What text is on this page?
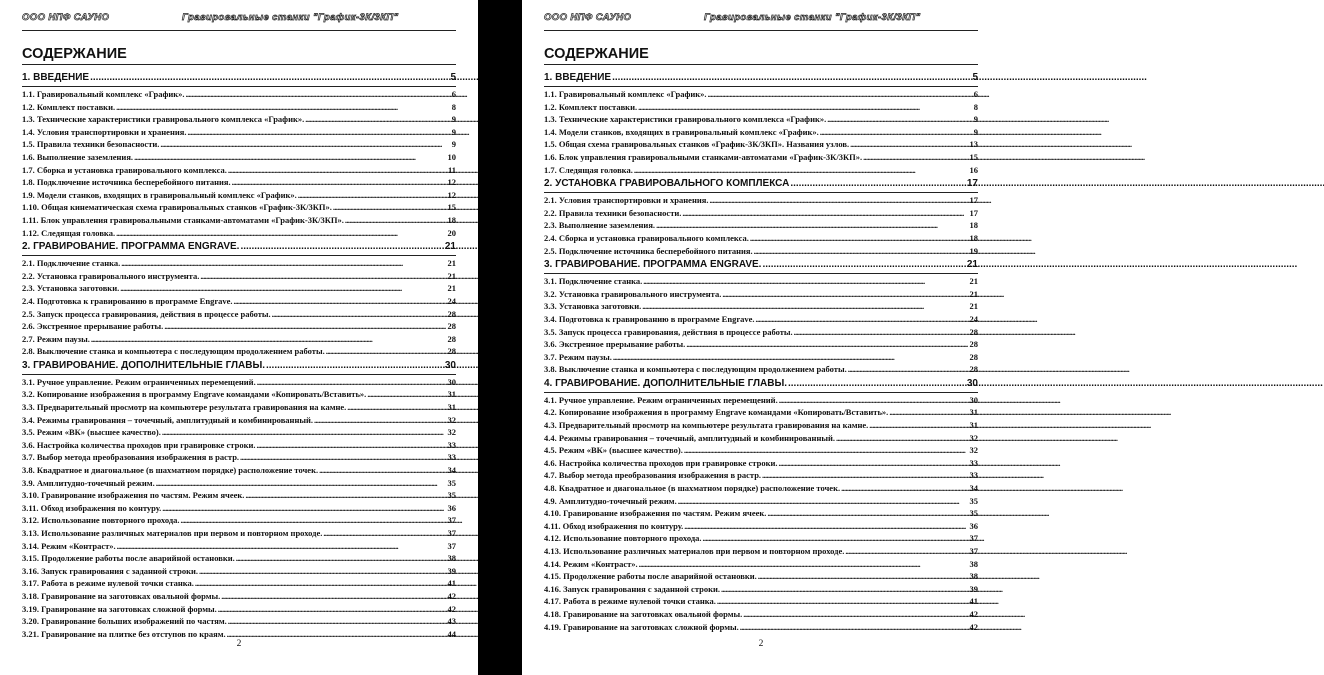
ООО НПФ САУНО	Гравировальные станки "График-3К/3КП"
СОДЕРЖАНИЕ
1. ВВЕДЕНИЕ . . .	5
1.1. Гравировальный комплекс «График». . . .	6
1.2. Комплект поставки. . . .	8
1.3. Технические характеристики гравировального комплекса «График». . . .	9
1.4. Условия транспортировки и хранения. . . .	9
1.5. Правила техники безопасности. . . .	9
1.6. Выполнение заземления. . . .	10
1.7. Сборка и установка гравировального комплекса. . . .	11
1.8. Подключение источника бесперебойного питания. . . .	12
1.9. Модели станков, входящих в гравировальный комплекс «График». . . .	12
1.10. Общая кинематическая схема гравировальных станков «График-3К/3КП». . . .	15
1.11. Блок управления гравировальными станками-автоматами «График-3К/3КП». . . .	18
1.12. Следящая головка. . . .	20
2. ГРАВИРОВАНИЕ. ПРОГРАММА ENGRAVE. . . .	21
2.1. Подключение станка. . . .	21
2.2. Установка гравировального инструмента. . . .	21
2.3. Установка заготовки. . . .	21
2.4. Подготовка к гравированию в программе Engrave. . . .	24
2.5. Запуск процесса гравирования, действия в процессе работы. . . .	28
2.6. Экстренное прерывание работы. . . .	28
2.7. Режим паузы. . . .	28
2.8. Выключение станка и компьютера с последующим продолжением работы. . . .	28
3. ГРАВИРОВАНИЕ. ДОПОЛНИТЕЛЬНЫЕ ГЛАВЫ. . . .	30
3.1. Ручное управление. Режим ограниченных перемещений. . . .	30
3.2. Копирование изображения в программу Engrave командами «Копировать/Вставить». . . .	31
3.3. Предварительный просмотр на компьютере результата гравирования на камне. . . .	31
3.4. Режимы гравирования – точечный, амплитудный и комбинированный. . . .	32
3.5. Режим «ВК» (высшее качество). . . .	32
3.6. Настройка количества проходов при гравировке строки. . . .	33
3.7. Выбор метода преобразования изображения в растр. . . .	33
3.8. Квадратное и диагональное (в шахматном порядке) расположение точек. . . .	34
3.9. Амплитудно-точечный режим. . . .	35
3.10. Гравирование изображения по частям. Режим ячеек. . . .	35
3.11. Обход изображения по контуру. . . .	36
3.12. Использование повторного прохода. . . .	37
3.13. Использование различных материалов при первом и повторном проходе. . . .	37
3.14. Режим «Контраст». . . .	37
3.15. Продолжение работы после аварийной остановки. . . .	38
3.16. Запуск гравирования с заданной строки. . . .	39
3.17. Работа в режиме нулевой точки станка. . . .	41
3.18. Гравирование на заготовках овальной формы. . . .	42
3.19. Гравирование на заготовках сложной формы. . . .	42
3.20. Гравирование больших изображений по частям. . . .	43
3.21. Гравирование на плитке без отступов по краям. . . .	44
2
ООО НПФ САУНО	Гравировальные станки "График-3К/3КП"
СОДЕРЖАНИЕ
1. ВВЕДЕНИЕ . . .	5
1.1. Гравировальный комплекс «График». . . .	6
1.2. Комплект поставки. . . .	8
1.3. Технические характеристики гравировального комплекса «График». . . .	9
1.4. Модели станков, входящих в гравировальный комплекс «График». . . .	9
1.5. Общая схема гравировальных станков «График-3К/3КП». Названия узлов. . . .	13
1.6. Блок управления гравировальными станками-автоматами «График-3К/3КП». . . .	15
1.7. Следящая головка. . . .	16
2. УСТАНОВКА ГРАВИРОВАЛЬНОГО КОМПЛЕКСА . . .	17
2.1. Условия транспортировки и хранения. . . .	17
2.2. Правила техники безопасности. . . .	17
2.3. Выполнение заземления. . . .	18
2.4. Сборка и установка гравировального комплекса. . . .	18
2.5. Подключение источника бесперебойного питания. . . .	19
3. ГРАВИРОВАНИЕ. ПРОГРАММА ENGRAVE. . . .	21
3.1. Подключение станка. . . .	21
3.2. Установка гравировального инструмента. . . .	21
3.3. Установка заготовки. . . .	21
3.4. Подготовка к гравированию в программе Engrave. . . .	24
3.5. Запуск процесса гравирования, действия в процессе работы. . . .	28
3.6. Экстренное прерывание работы. . . .	28
3.7. Режим паузы. . . .	28
3.8. Выключение станка и компьютера с последующим продолжением работы. . . .	28
4. ГРАВИРОВАНИЕ. ДОПОЛНИТЕЛЬНЫЕ ГЛАВЫ. . . .	30
4.1. Ручное управление. Режим ограниченных перемещений. . . .	30
4.2. Копирование изображения в программу Engrave командами «Копировать/Вставить». . . .	31
4.3. Предварительный просмотр на компьютере результата гравирования на камне. . . .	31
4.4. Режимы гравирования – точечный, амплитудный и комбинированный. . . .	32
4.5. Режим «ВК» (высшее качество). . . .	32
4.6. Настройка количества проходов при гравировке строки. . . .	33
4.7. Выбор метода преобразования изображения в растр. . . .	33
4.8. Квадратное и диагональное (в шахматном порядке) расположение точек. . . .	34
4.9. Амплитудно-точечный режим. . . .	35
4.10. Гравирование изображения по частям. Режим ячеек. . . .	35
4.11. Обход изображения по контуру. . . .	36
4.12. Использование повторного прохода. . . .	37
4.13. Использование различных материалов при первом и повторном проходе. . . .	37
4.14. Режим «Контраст». . . .	38
4.15. Продолжение работы после аварийной остановки. . . .	38
4.16. Запуск гравирования с заданной строки. . . .	39
4.17. Работа в режиме нулевой точки станка. . . .	41
4.18. Гравирование на заготовках овальной формы. . . .	42
4.19. Гравирование на заготовках сложной формы. . . .	42
2
